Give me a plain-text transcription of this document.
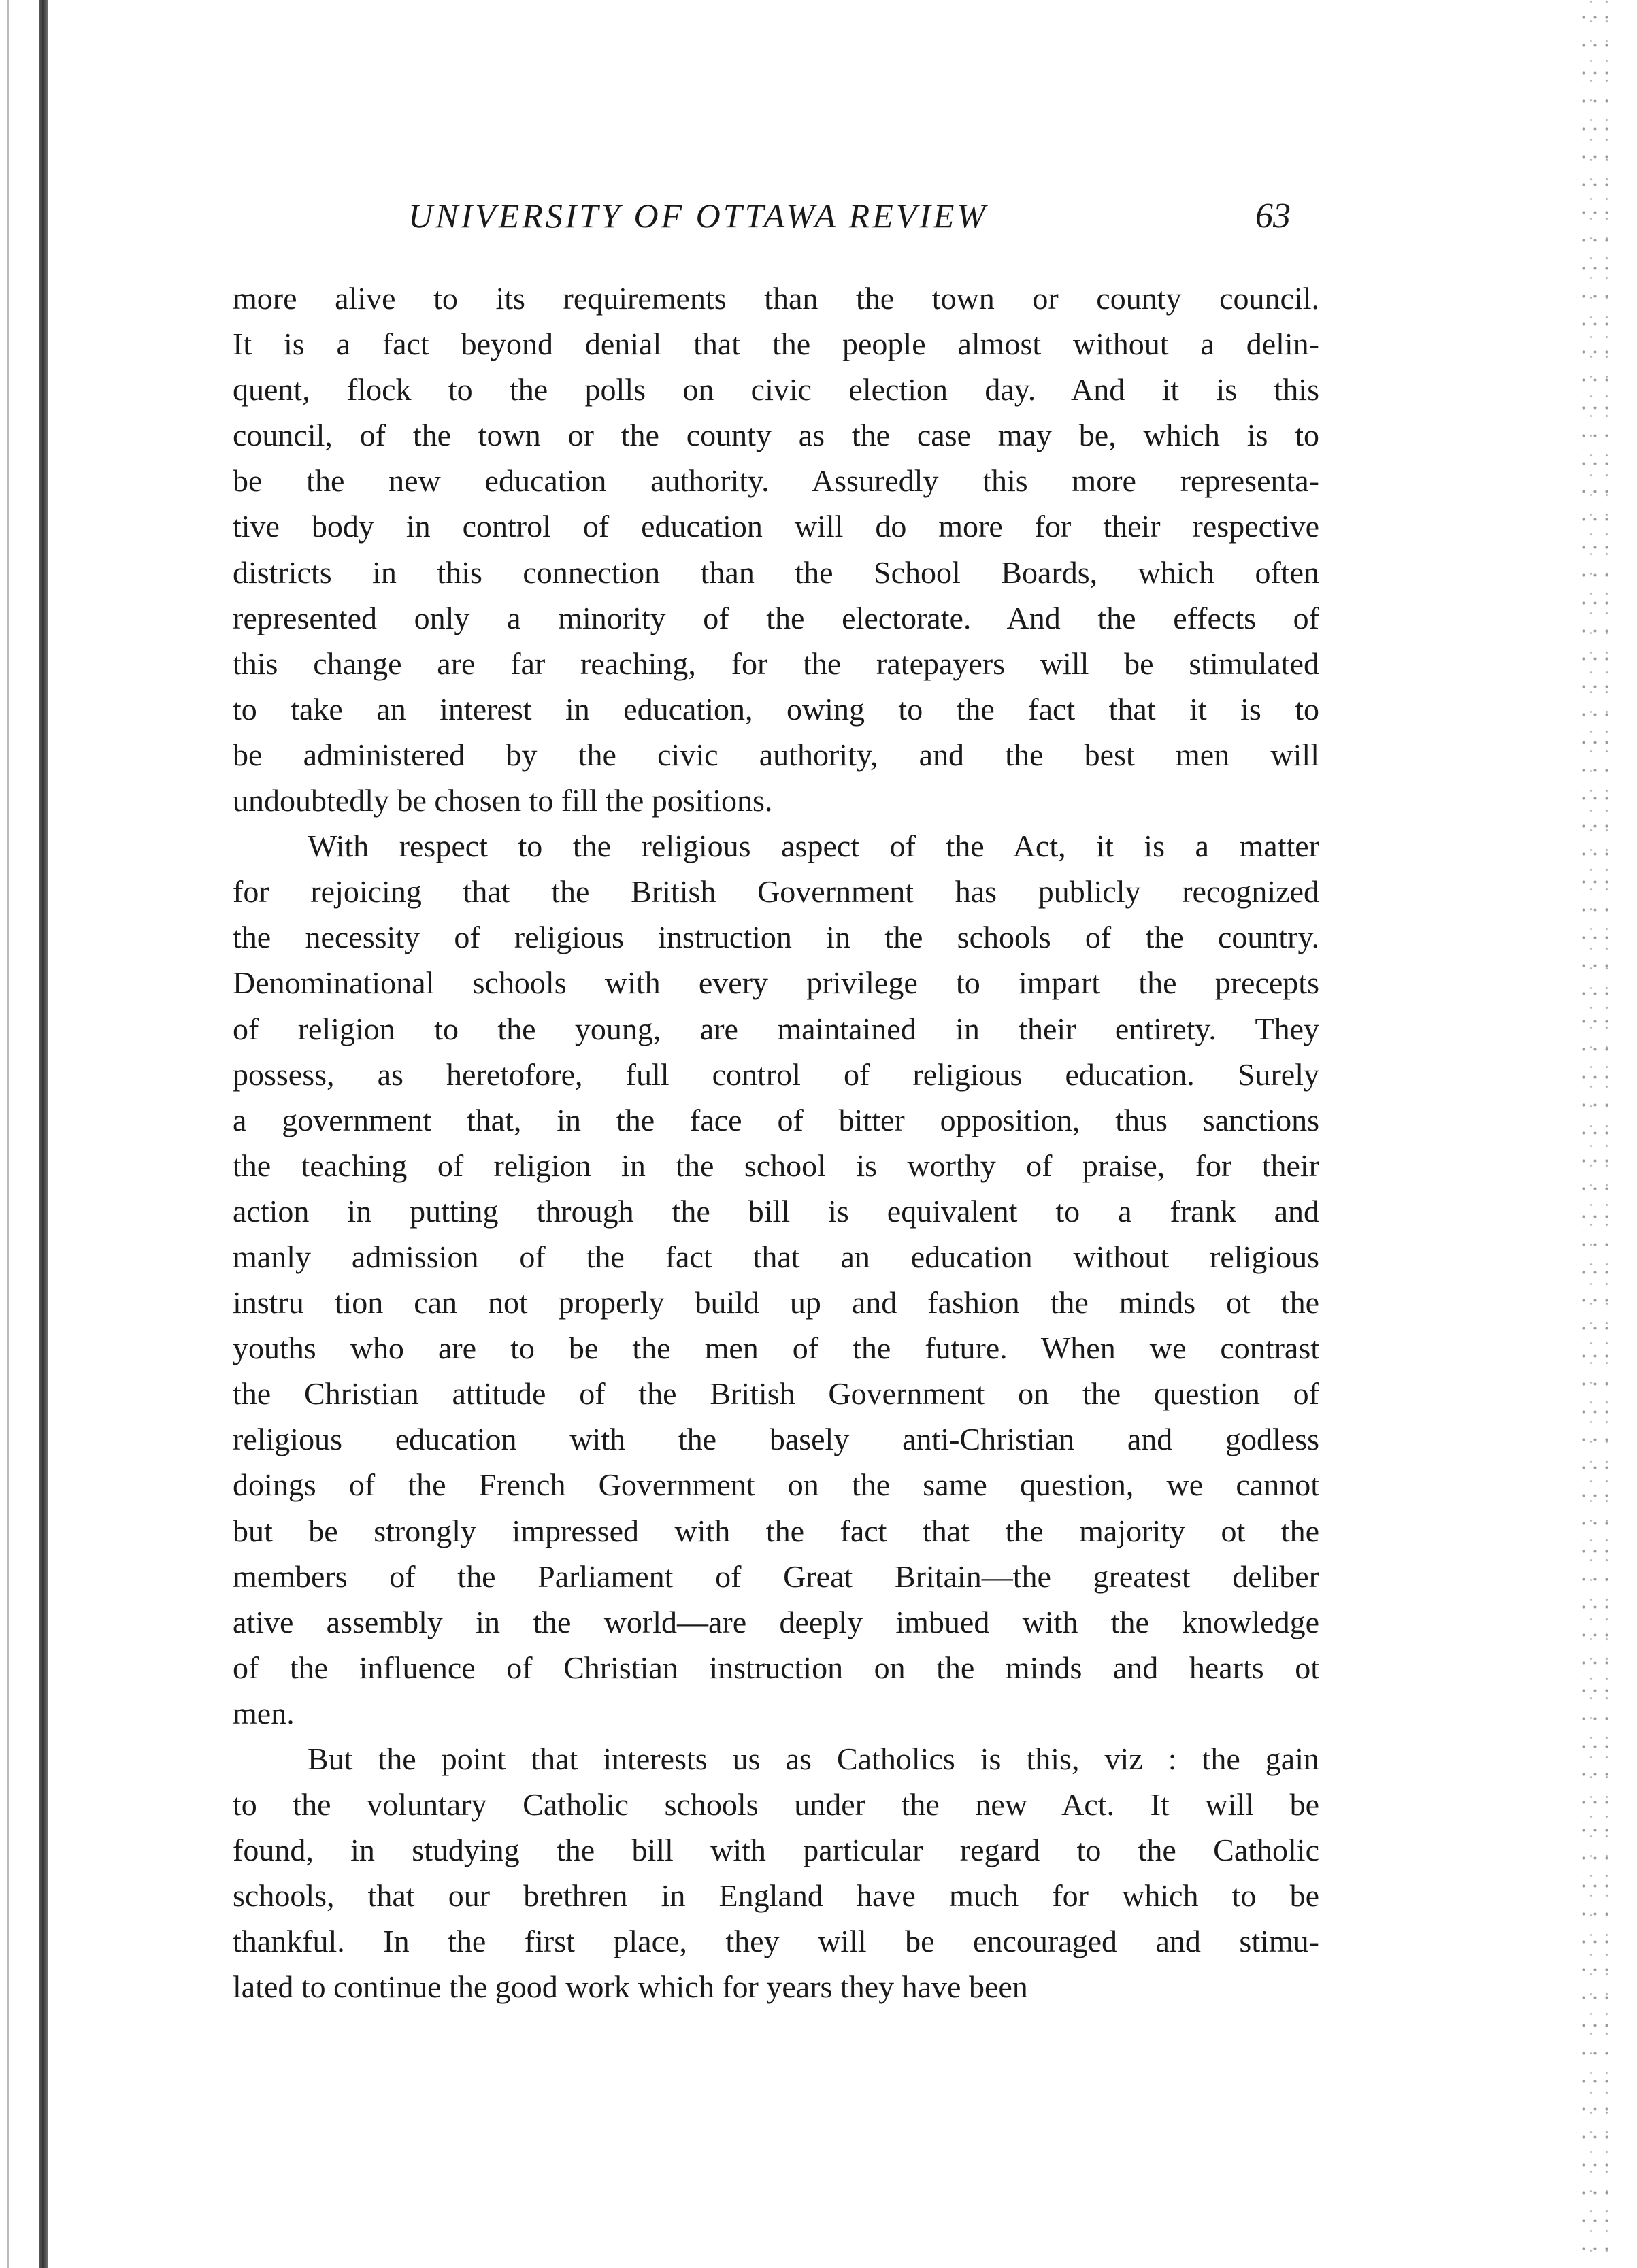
UNIVERSITY OF OTTAWA REVIEW	63
more alive to its requirements than the town or county council.
It is a fact beyond denial that the people almost without a delin-
quent, flock to the polls on civic election day. And it is this
council, of the town or the county as the case may be, which is to
be the new education authority. Assuredly this more representa-
tive body in control of education will do more for their respective
districts in this connection than the School Boards, which often
represented only a minority of the electorate. And the effects of
this change are far reaching, for the ratepayers will be stimulated
to take an interest in education, owing to the fact that it is to
be administered by the civic authority, and the best men will
undoubtedly be chosen to fill the positions.
With respect to the religious aspect of the Act, it is a matter
for rejoicing that the British Government has publicly recognized
the necessity of religious instruction in the schools of the country.
Denominational schools with every privilege to impart the precepts
of religion to the young, are maintained in their entirety. They
possess, as heretofore, full control of religious education. Surely
a government that, in the face of bitter opposition, thus sanctions
the teaching of religion in the school is worthy of praise, for their
action in putting through the bill is equivalent to a frank and
manly admission of the fact that an education without religious
instru tion can not properly build up and fashion the minds ot the
youths who are to be the men of the future. When we contrast
the Christian attitude of the British Government on the question of
religious education with the basely anti-Christian and godless
doings of the French Government on the same question, we cannot
but be strongly impressed with the fact that the majority ot the
members of the Parliament of Great Britain—the greatest deliber
ative assembly in the world—are deeply imbued with the knowledge
of the influence of Christian instruction on the minds and hearts ot
men.
But the point that interests us as Catholics is this, viz : the gain
to the voluntary Catholic schools under the new Act. It will be
found, in studying the bill with particular regard to the Catholic
schools, that our brethren in England have much for which to be
thankful. In the first place, they will be encouraged and stimu-
lated to continue the good work which for years they have been
